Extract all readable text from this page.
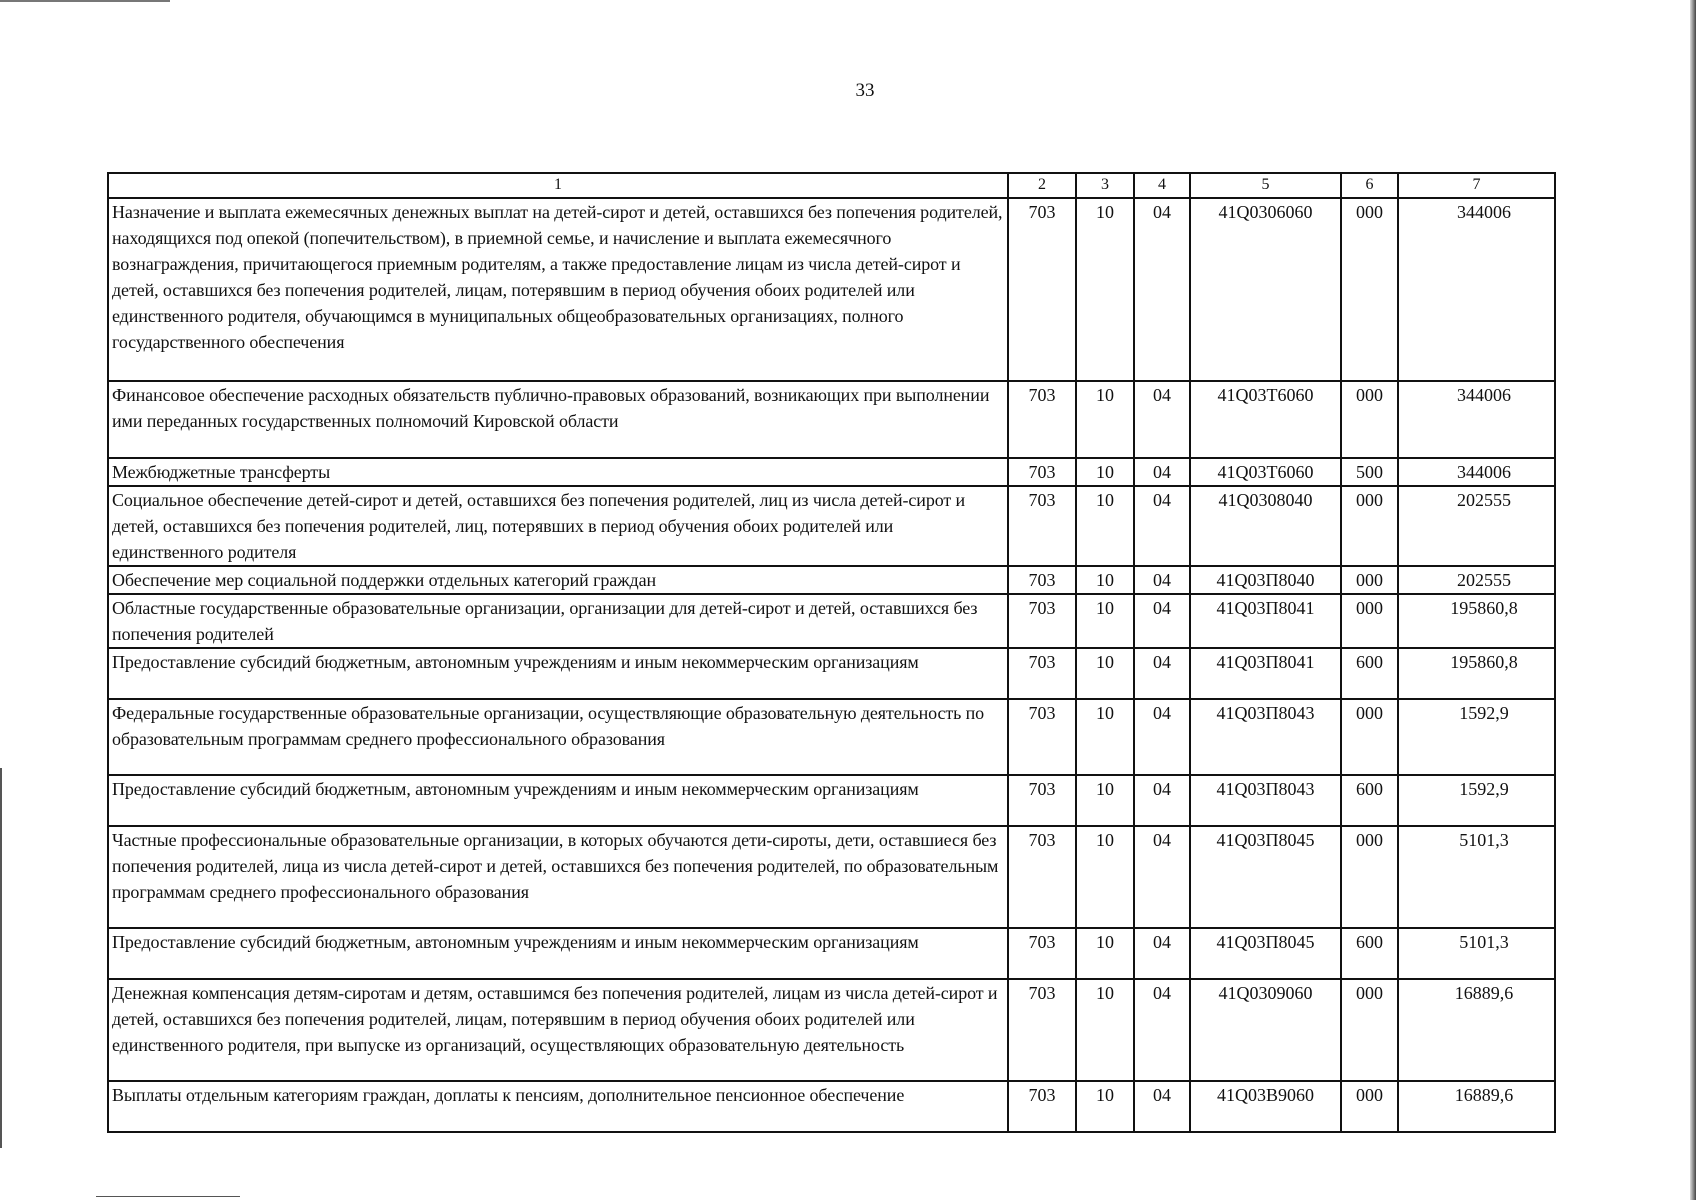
33
1	2	3	4	5	6	7
Назначение и выплата ежемесячных денежных выплат на детей-сирот и детей, оставшихся без попечения родителей, находящихся под опекой (попечительством), в приемной семье, и начисление и выплата ежемесячного вознаграждения, причитающегося приемным родителям, а также предоставление лицам из числа детей-сирот и детей, оставшихся без попечения родителей, лицам, потерявшим в период обучения обоих родителей или единственного родителя, обучающимся в муниципальных общеобразовательных организациях, полного государственного обеспечения	703	10	04	41Q0306060	000	344006
Финансовое обеспечение расходных обязательств публично-правовых образований, возникающих при выполнении ими переданных государственных полномочий Кировской области	703	10	04	41Q03Т6060	000	344006
Межбюджетные трансферты	703	10	04	41Q03Т6060	500	344006
Социальное обеспечение детей-сирот и детей, оставшихся без попечения родителей, лиц из числа детей-сирот и детей, оставшихся без попечения родителей, лиц, потерявших в период обучения обоих родителей или единственного родителя	703	10	04	41Q0308040	000	202555
Обеспечение мер социальной поддержки отдельных категорий граждан	703	10	04	41Q03П8040	000	202555
Областные государственные образовательные организации, организации для детей-сирот и детей, оставшихся без попечения родителей	703	10	04	41Q03П8041	000	195860,8
Предоставление субсидий бюджетным, автономным учреждениям и иным некоммерческим организациям	703	10	04	41Q03П8041	600	195860,8
Федеральные государственные образовательные организации, осуществляющие образовательную деятельность по образовательным программам среднего профессионального образования	703	10	04	41Q03П8043	000	1592,9
Предоставление субсидий бюджетным, автономным учреждениям и иным некоммерческим организациям	703	10	04	41Q03П8043	600	1592,9
Частные профессиональные образовательные организации, в которых обучаются дети-сироты, дети, оставшиеся без попечения родителей, лица из числа детей-сирот и детей, оставшихся без попечения родителей, по образовательным программам среднего профессионального образования	703	10	04	41Q03П8045	000	5101,3
Предоставление субсидий бюджетным, автономным учреждениям и иным некоммерческим организациям	703	10	04	41Q03П8045	600	5101,3
Денежная компенсация детям-сиротам и детям, оставшимся без попечения родителей, лицам из числа детей-сирот и детей, оставшихся без попечения родителей, лицам, потерявшим в период обучения обоих родителей или единственного родителя, при выпуске из организаций, осуществляющих образовательную деятельность	703	10	04	41Q0309060	000	16889,6
Выплаты отдельным категориям граждан, доплаты к пенсиям, дополнительное пенсионное обеспечение	703	10	04	41Q03В9060	000	16889,6
